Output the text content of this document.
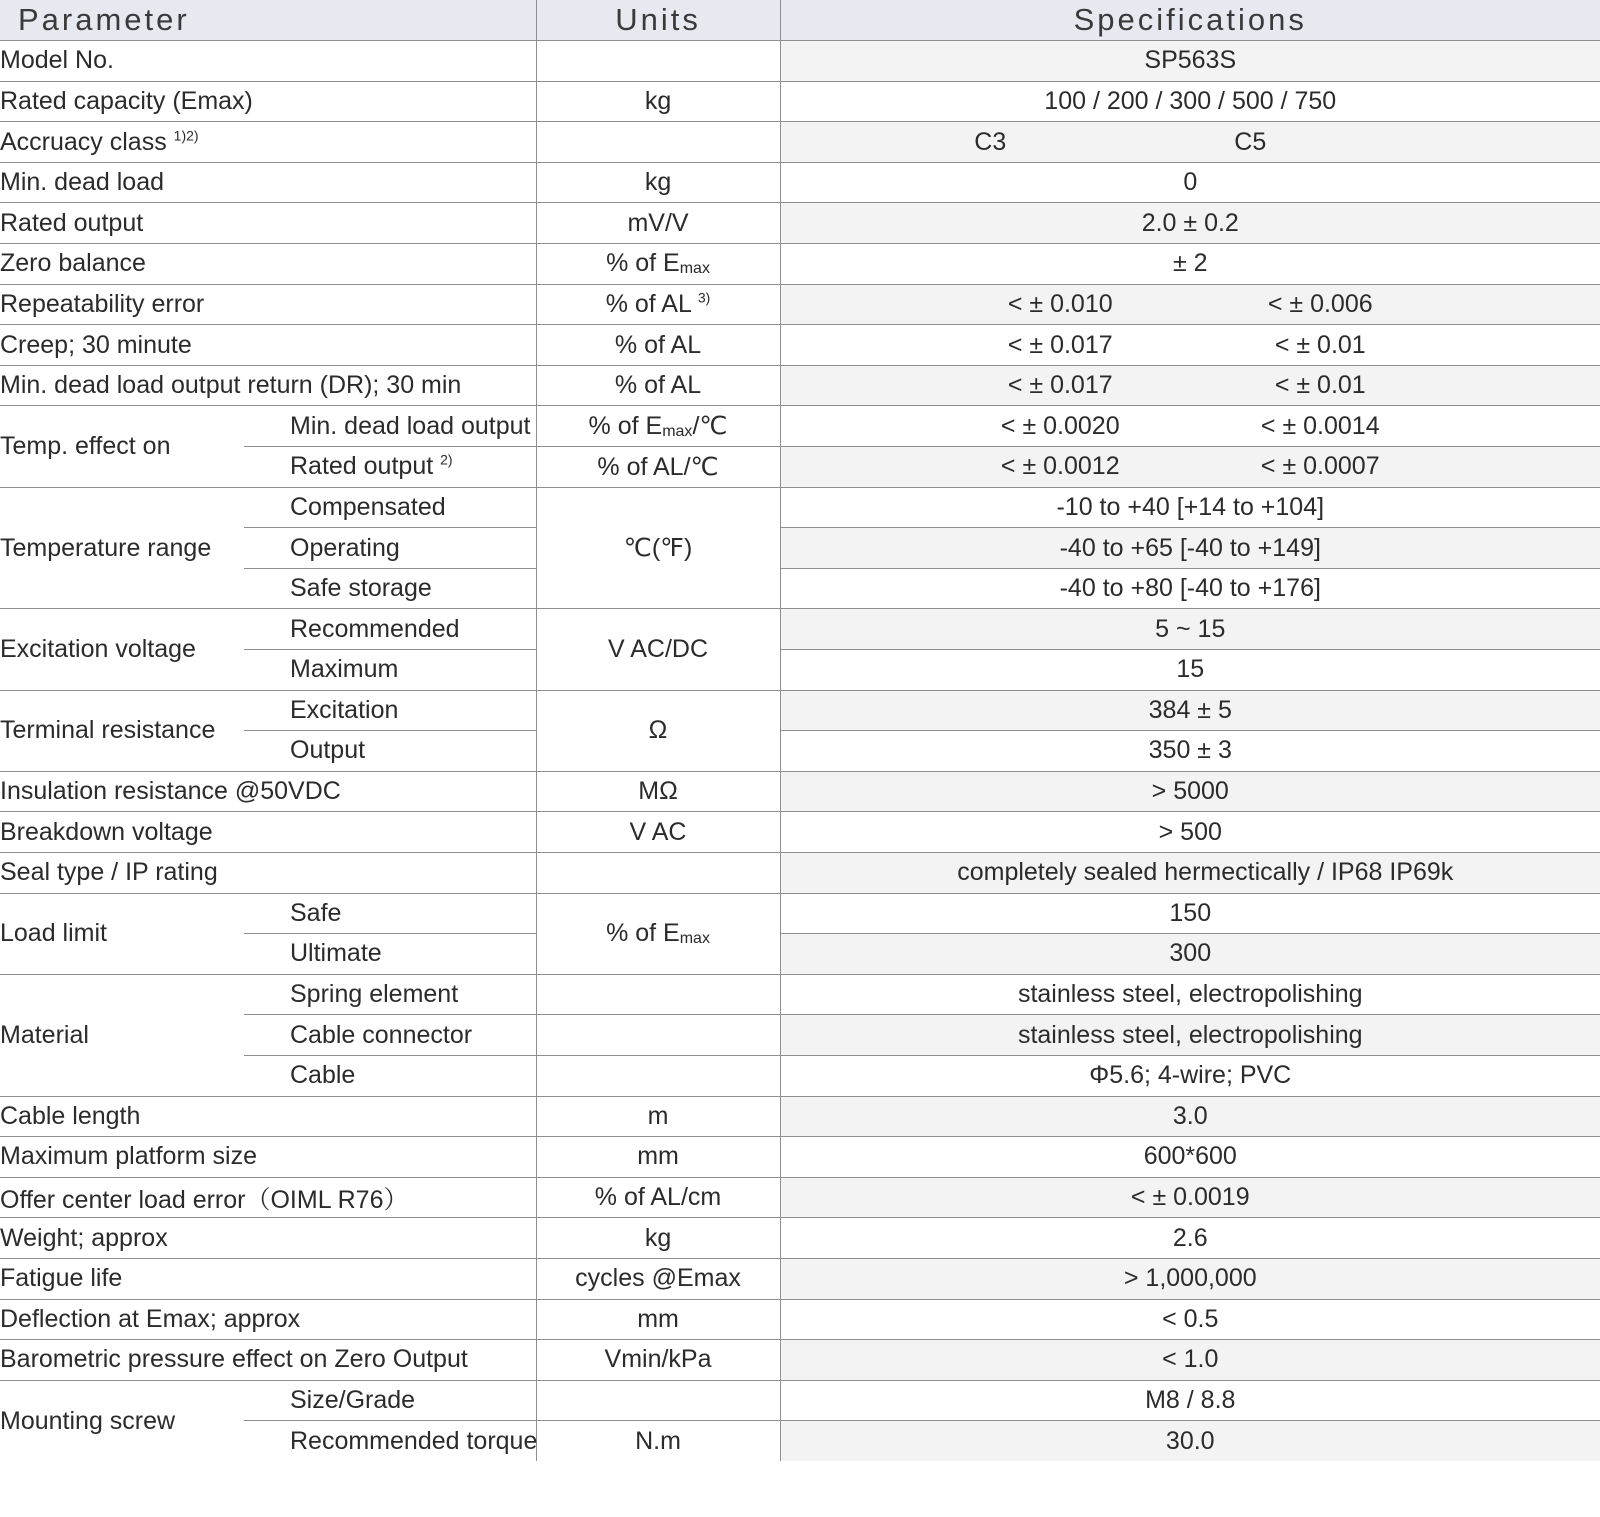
Parameter		Units	Specifications
Model No.			SP563S
Rated capacity (Emax)		kg	100 / 200 / 300 / 500 / 750
Accruacy class $^{1)2)}$			C3 C5

Min. dead load		kg	0
Rated output		mV/V	2.0 ± 0.2
Zero balance		% of $E_{max}$	± 2
Repeatability error		% of AL $^{3)}$	< ± 0.010 < ± 0.006

Creep; 30 minute		% of AL	< ± 0.017 < ± 0.01

Min. dead load output return (DR); 30 min		% of AL	< ± 0.017 < ± 0.01

Temp. effect on	Min. dead load output	% of $E_{max}/℃$	< ± 0.0020 < ± 0.0014

	Rated output $^{2)}$	% of AL/℃	< ± 0.0012 < ± 0.0007

Temperature range	Compensated	℃(℉)	-10 to +40 [+14 to +104]
	Operating		-40 to +65 [-40 to +149]
	Safe storage		-40 to +80 [-40 to +176]
Excitation voltage	Recommended	V AC/DC	5 ~ 15
	Maximum		15
Terminal resistance	Excitation	Ω	384 ± 5
	Output		350 ± 3
Insulation resistance @50VDC		MΩ	> 5000
Breakdown voltage		V AC	> 500
Seal type / IP rating			completely sealed hermectically / IP68 IP69k
Load limit	Safe	% of $E_{max}$	150
	Ultimate		300
Material	Spring element		stainless steel, electropolishing
	Cable connector		stainless steel, electropolishing
	Cable		Φ5.6; 4-wire; PVC
Cable length		m	3.0
Maximum platform size		mm	600*600
Offer center load error（OIML R76）		% of AL/cm	< ± 0.0019
Weight; approx		kg	2.6
Fatigue life		cycles @Emax	> 1,000,000
Deflection at Emax; approx		mm	< 0.5
Barometric pressure effect on Zero Output		Vmin/kPa	< 1.0
Mounting screw	Size/Grade		M8 / 8.8
	Recommended torque	N.m	30.0
